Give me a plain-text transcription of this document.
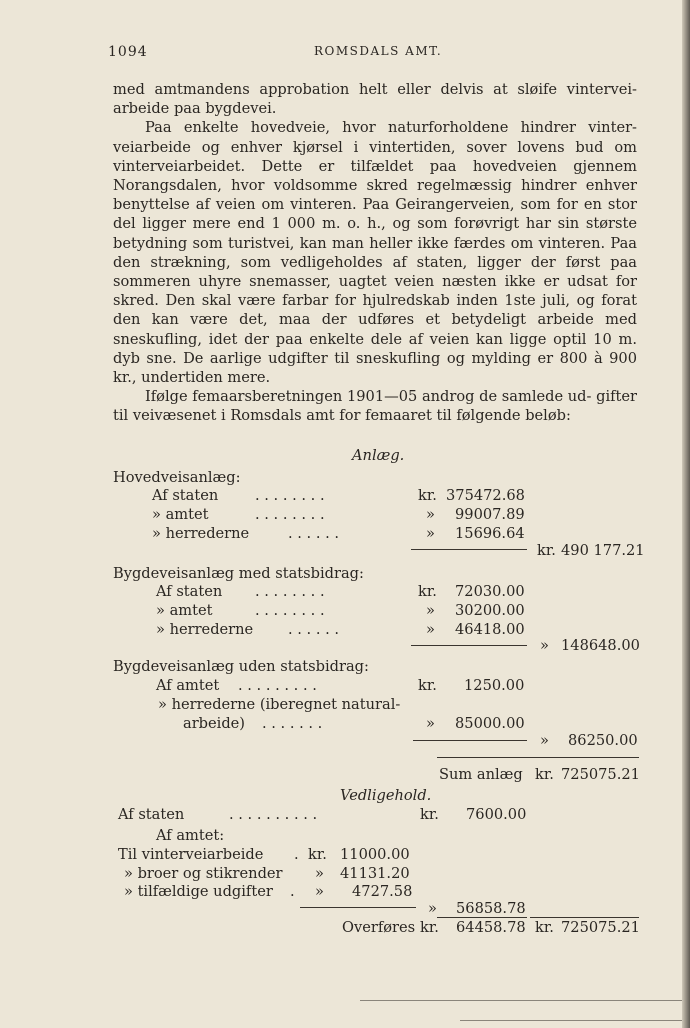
1094	ROMSDALS AMT.

med amtmandens approbation helt eller delvis at sløife vintervei- arbeide paa bygdevei.

Paa enkelte hovedveie, hvor naturforholdene hindrer vinter- veiarbeide og enhver kjørsel i vintertiden, sover lovens bud om vinterveiarbeidet. Dette er tilfældet paa hovedveien gjennem Norangsdalen, hvor voldsomme skred regelmæssig hindrer enhver benyttelse af veien om vinteren. Paa Geirangerveien, som for en stor del ligger mere end 1 000 m. o. h., og som forøvrigt har sin største betydning som turistvei, kan man heller ikke færdes om vinteren. Paa den strækning, som vedligeholdes af staten, ligger der først paa sommeren uhyre snemasser, uagtet veien næsten ikke er udsat for skred. Den skal være farbar for hjulredskab inden 1ste juli, og forat den kan være det, maa der udføres et betydeligt arbeide med sneskufling, idet der paa enkelte dele af veien kan ligge optil 10 m. dyb sne. De aarlige udgifter til sneskufling og mylding er 800 à 900 kr., undertiden mere.

Ifølge femaarsberetningen 1901—05 androg de samlede ud- gifter til veivæsenet i Romsdals amt for femaaret til følgende beløb:

Anlæg.
Hovedveisanlæg:
Af staten	. . . . . . . .	kr. 375472.68
» amtet	. . . . . . . .	» 99007.89
» herrederne	. . . . . .	» 15696.64
kr. 490 177.21
Bygdeveisanlæg med statsbidrag:
Af staten . . . . . . . .	kr. 72030.00
» amtet	. . . . . . . .	» 30200.00
» herrederne . . . . . .	» 46418.00
» 148648.00
Bygdeveisanlæg uden statsbidrag:
Af amtet . . . . . . . . .	kr. 1250.00
» herrederne (iberegnet natural-
arbeide) . . . . . . .	» 85000.00
» 86250.00
Sum anlæg kr. 725075.21
Vedligehold.
Af staten	. . . . . . . . . .	kr. 7600.00
Af amtet:
Til vinterveiarbeide . kr. 11000.00
» broer og stikrender » 41131.20
» tilfældige udgifter . » 4727.58
» 56858.78
Overføres kr. 64458.78 kr. 725075.21
